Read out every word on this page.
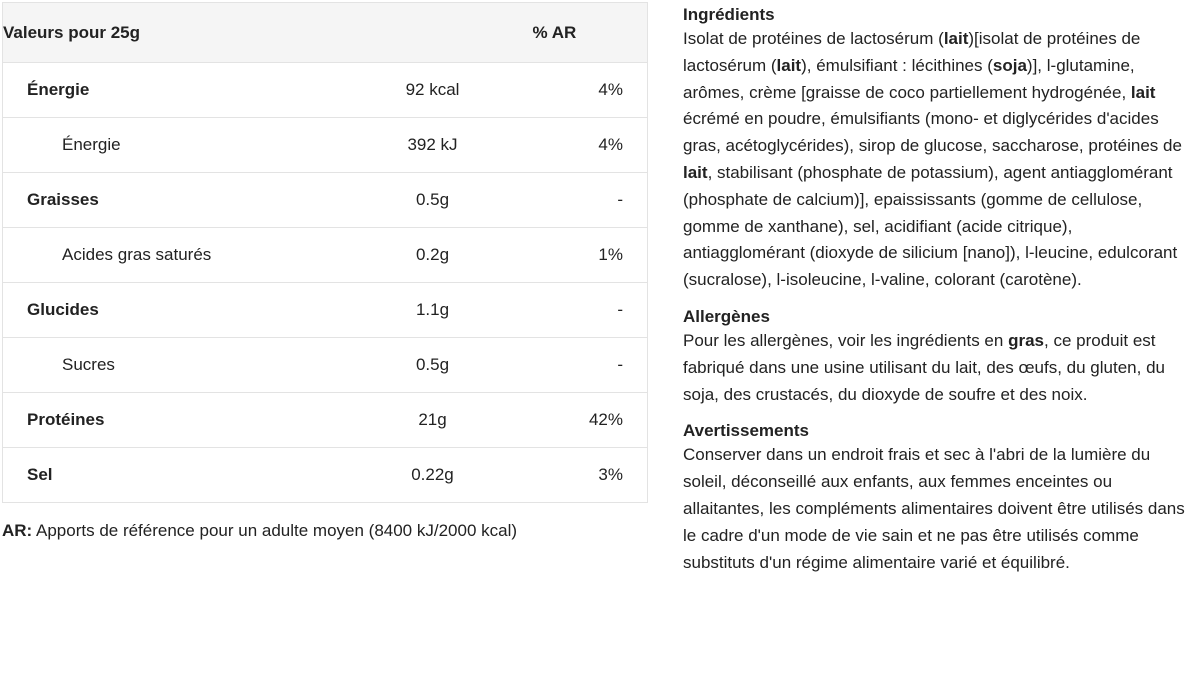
Valeurs pour 25g		% AR
Énergie	92 kcal	4%
Énergie	392 kJ	4%
Graisses	0.5g	-
Acides gras saturés	0.2g	1%
Glucides	1.1g	-
Sucres	0.5g	-
Protéines	21g	42%
Sel	0.22g	3%
AR: Apports de référence pour un adulte moyen (8400 kJ/2000 kcal)
Ingrédients

Isolat de protéines de lactosérum (lait)[isolat de protéines de lactosérum (lait), émulsifiant : lécithines (soja)], l-glutamine, arômes, crème [graisse de coco partiellement hydrogénée, lait écrémé en poudre, émulsifiants (mono- et diglycérides d'acides gras, acétoglycérides), sirop de glucose, saccharose, protéines de lait, stabilisant (phosphate de potassium), agent antiagglomérant (phosphate de calcium)], epaississants (gomme de cellulose, gomme de xanthane), sel, acidifiant (acide citrique), antiagglomérant (dioxyde de silicium [nano]), l-leucine, edulcorant (sucralose), l-isoleucine, l-valine, colorant (carotène).

Allergènes

Pour les allergènes, voir les ingrédients en gras, ce produit est fabriqué dans une usine utilisant du lait, des œufs, du gluten, du soja, des crustacés, du dioxyde de soufre et des noix.

Avertissements

Conserver dans un endroit frais et sec à l'abri de la lumière du soleil, déconseillé aux enfants, aux femmes enceintes ou allaitantes, les compléments alimentaires doivent être utilisés dans le cadre d'un mode de vie sain et ne pas être utilisés comme substituts d'un régime alimentaire varié et équilibré.
